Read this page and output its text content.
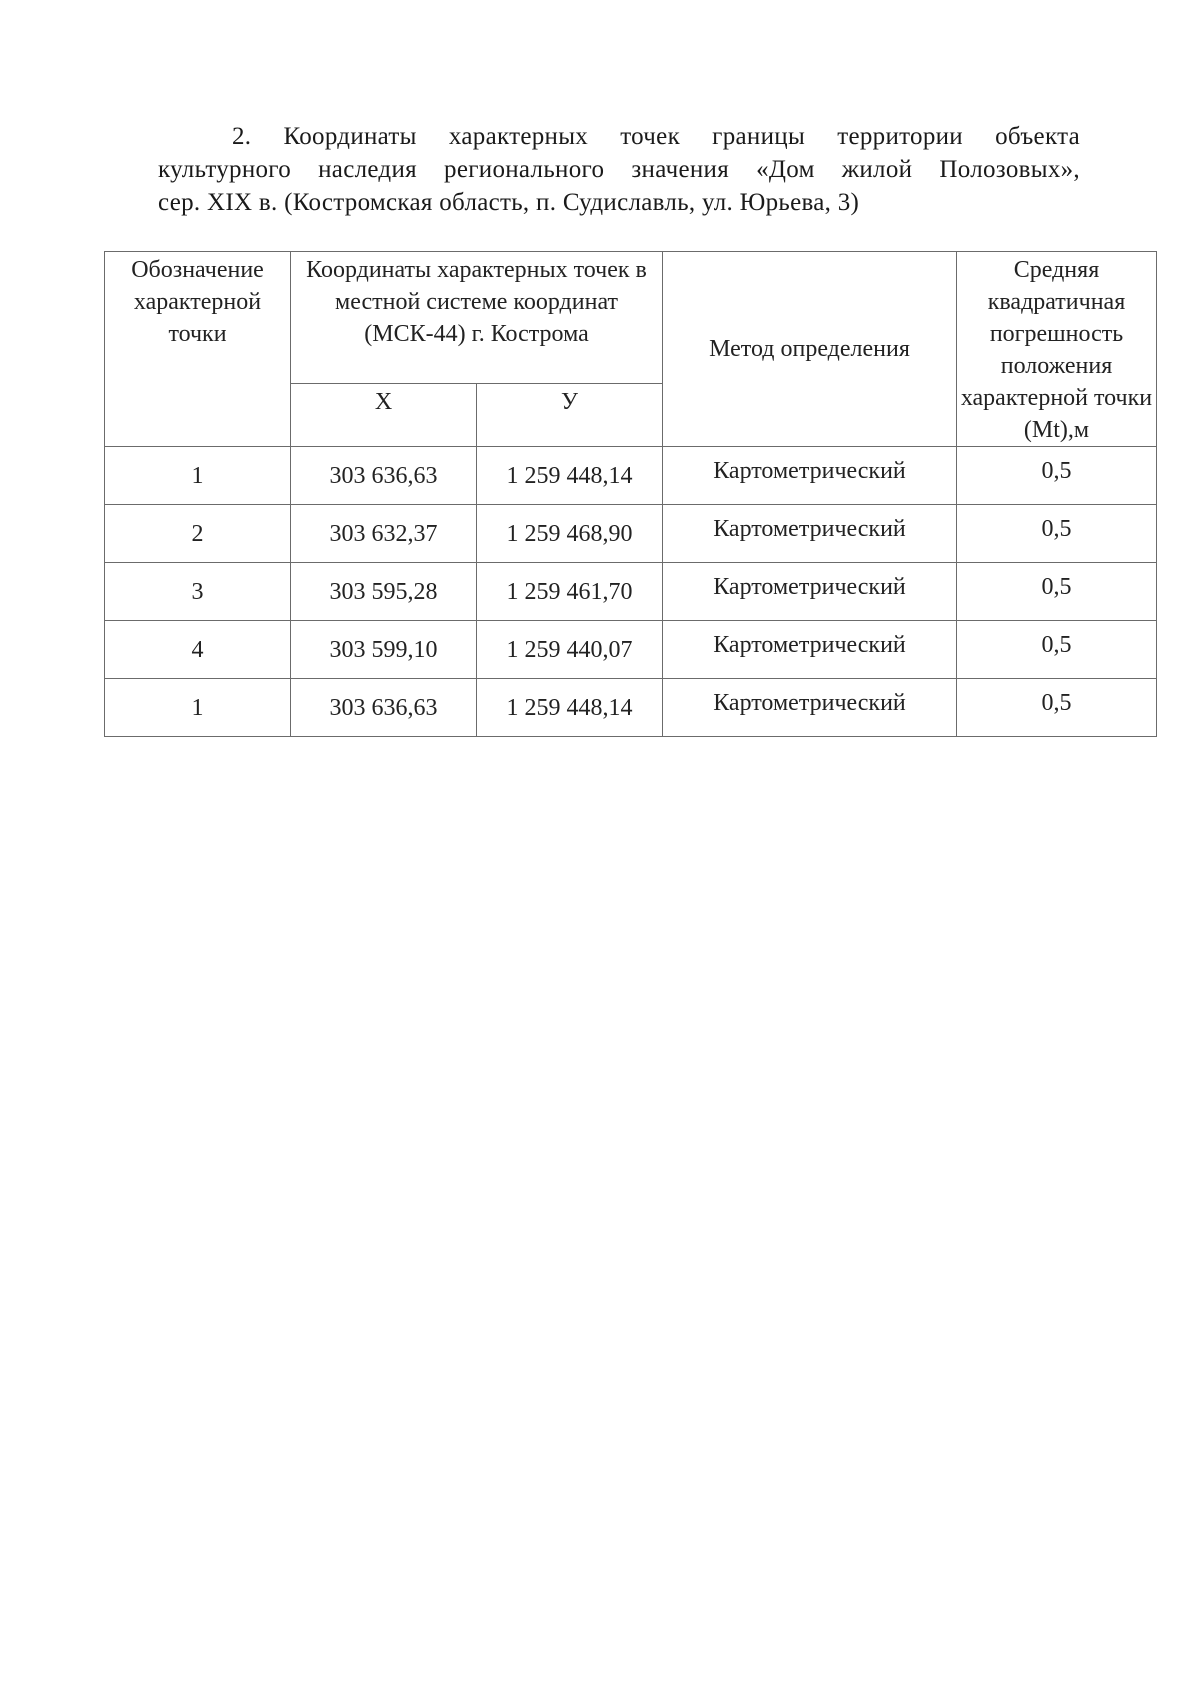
2. Координаты характерных точек границы территории объекта
культурного наследия регионального значения «Дом жилой Полозовых»,
сер. XIX в. (Костромская область, п. Судиславль, ул. Юрьева, 3)
Обозначение характерной точки	Координаты характерных точек в местной системе координат (МСК-44) г. Кострома		Метод определения	Средняя квадратичная погрешность положения характерной точки (Mt),м
	X	У		
1	303 636,63	1 259 448,14	Картометрический	0,5
2	303 632,37	1 259 468,90	Картометрический	0,5
3	303 595,28	1 259 461,70	Картометрический	0,5
4	303 599,10	1 259 440,07	Картометрический	0,5
1	303 636,63	1 259 448,14	Картометрический	0,5
